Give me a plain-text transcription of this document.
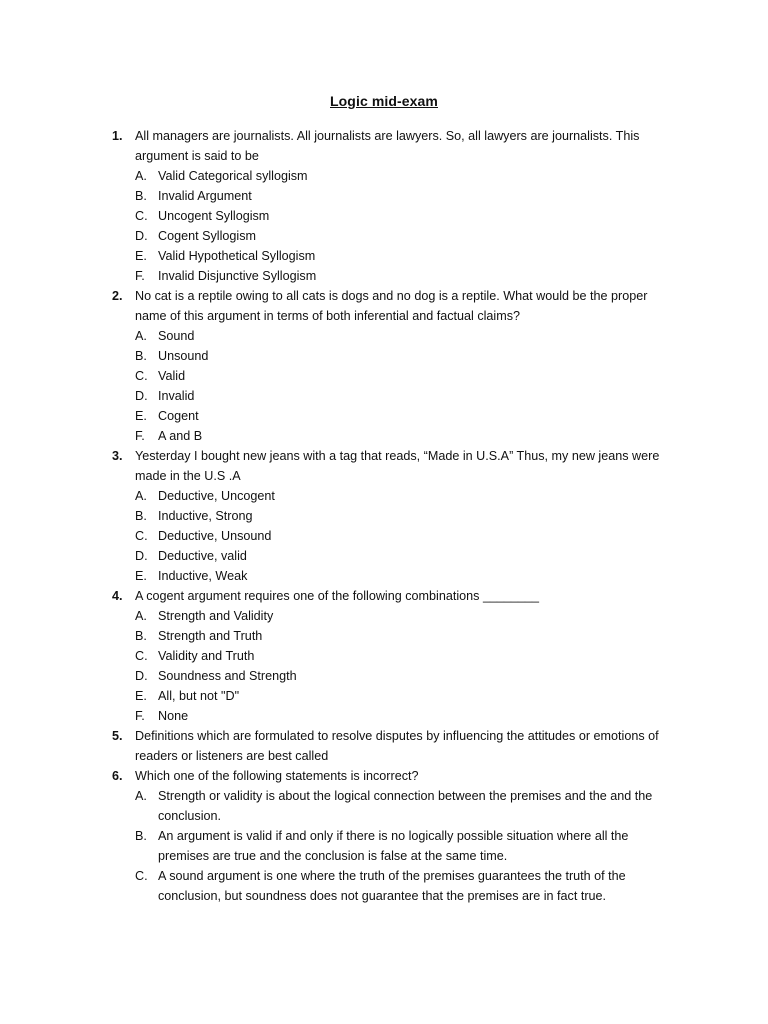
Logic mid-exam
1. All managers are journalists. All journalists are lawyers. So, all lawyers are journalists. This argument is said to be
A. Valid Categorical syllogism
B. Invalid Argument
C. Uncogent Syllogism
D. Cogent Syllogism
E. Valid Hypothetical Syllogism
F. Invalid Disjunctive Syllogism
2. No cat is a reptile owing to all cats is dogs and no dog is a reptile. What would be the proper name of this argument in terms of both inferential and factual claims?
A. Sound
B. Unsound
C. Valid
D. Invalid
E. Cogent
F. A and B
3. Yesterday I bought new jeans with a tag that reads, “Made in U.S.A” Thus, my new jeans were made in the U.S .A
A. Deductive, Uncogent
B. Inductive, Strong
C. Deductive, Unsound
D. Deductive, valid
E. Inductive, Weak
4. A cogent argument requires one of the following combinations ________
A. Strength and Validity
B. Strength and Truth
C. Validity and Truth
D. Soundness and Strength
E. All, but not "D"
F. None
5. Definitions which are formulated to resolve disputes by influencing the attitudes or emotions of readers or listeners are best called
6. Which one of the following statements is incorrect?
A. Strength or validity is about the logical connection between the premises and the and the conclusion.
B. An argument is valid if and only if there is no logically possible situation where all the premises are true and the conclusion is false at the same time.
C. A sound argument is one where the truth of the premises guarantees the truth of the conclusion, but soundness does not guarantee that the premises are in fact true.
